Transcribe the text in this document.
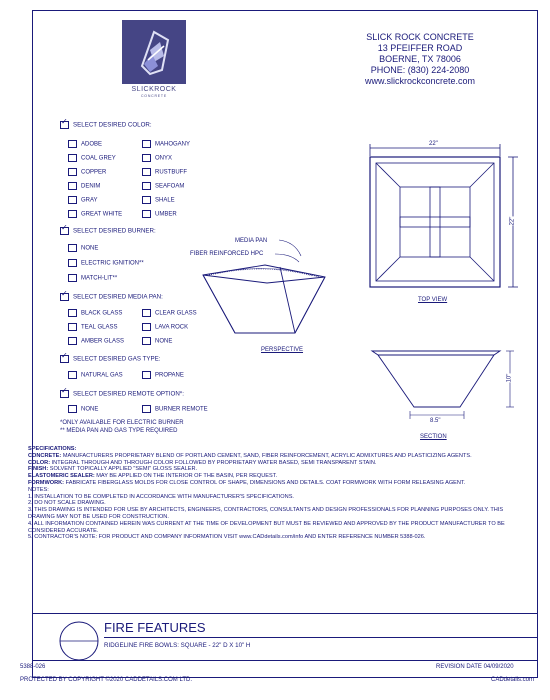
SLICKROCK
CONCRETE
SLICK ROCK CONCRETE
13 PFEIFFER ROAD
BOERNE, TX 78006
PHONE: (830) 224-2080
www.slickrockconcrete.com
✓SELECT DESIRED COLOR:
ADOBE	MAHOGANY
COAL GREY	ONYX
COPPER	RUSTBUFF
DENIM	SEAFOAM
GRAY	SHALE
GREAT WHITE	UMBER
✓SELECT DESIRED BURNER:
NONE
ELECTRIC IGNITION**
MATCH-LIT**
✓SELECT DESIRED MEDIA PAN:
BLACK GLASS	CLEAR GLASS
TEAL GLASS	LAVA ROCK
AMBER GLASS	NONE
✓SELECT DESIRED GAS TYPE:
NATURAL GAS	PROPANE
✓SELECT DESIRED REMOTE OPTION*:
NONE	BURNER REMOTE
*ONLY AVAILABLE FOR ELECTRIC BURNER
** MEDIA PAN AND GAS TYPE REQUIRED
22"
22"
TOP VIEW
MEDIA PAN
FIBER REINFORCED HPC
PERSPECTIVE
10"
8.5"
SECTION
SPECIFICATIONS:
CONCRETE: MANUFACTURERS PROPRIETARY BLEND OF PORTLAND CEMENT, SAND, FIBER REINFORCEMENT, ACRYLIC ADMIXTURES AND PLASTICIZING AGENTS.
COLOR: INTEGRAL THROUGH AND THROUGH COLOR FOLLOWED BY PROPRIETARY WATER BASED, SEMI TRANSPARENT STAIN.
FINISH: SOLVENT TOPICALLY APPLIED "SEMI" GLOSS SEALER.
ELASTOMERIC SEALER: MAY BE APPLIED ON THE INTERIOR OF THE BASIN, PER REQUEST.
FORMWORK: FABRICATE FIBERGLASS MOLDS FOR CLOSE CONTROL OF SHAPE, DIMENSIONS AND DETAILS. COAT FORMWORK WITH FORM RELEASING AGENT.
NOTES:
1. INSTALLATION TO BE COMPLETED IN ACCORDANCE WITH MANUFACTURER'S SPECIFICATIONS.
2. DO NOT SCALE DRAWING.
3. THIS DRAWING IS INTENDED FOR USE BY ARCHITECTS, ENGINEERS, CONTRACTORS, CONSULTANTS AND DESIGN PROFESSIONALS FOR PLANNING PURPOSES ONLY. THIS DRAWING MAY NOT BE USED FOR CONSTRUCTION.
4. ALL INFORMATION CONTAINED HEREIN WAS CURRENT AT THE TIME OF DEVELOPMENT BUT MUST BE REVIEWED AND APPROVED BY THE PRODUCT MANUFACTURER TO BE CONSIDERED ACCURATE.
5. CONTRACTOR'S NOTE: FOR PRODUCT AND COMPANY INFORMATION VISIT www.CADdetails.com/info AND ENTER REFERENCE NUMBER 5388-026.
FIRE FEATURES
RIDGELINE FIRE BOWLS: SQUARE - 22" D X 10" H
5388-026	REVISION DATE 04/09/2020
PROTECTED BY COPYRIGHT ©2020 CADDETAILS.COM LTD.	CADdetails.com
